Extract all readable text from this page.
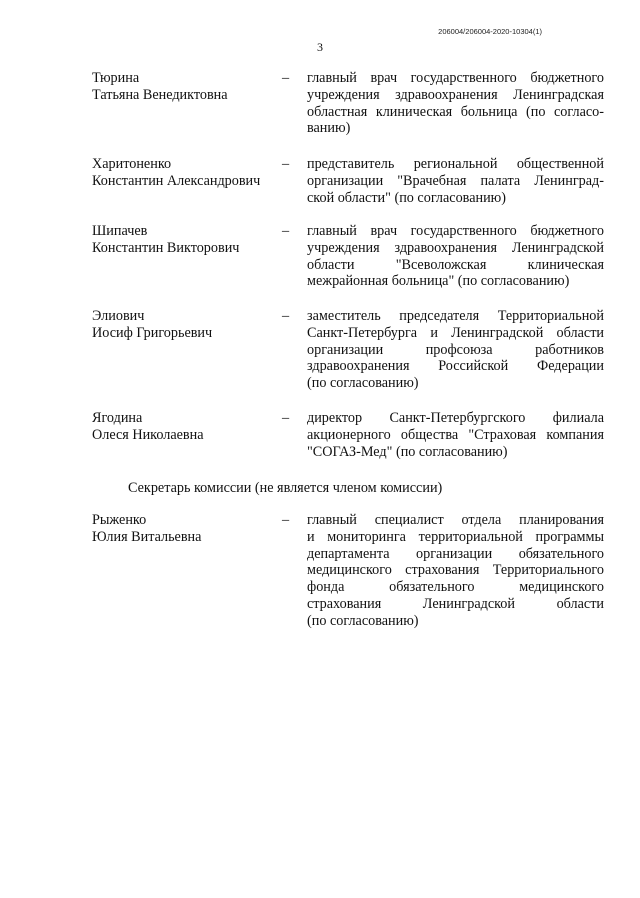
206004/206004-2020-10304(1)
3
Тюрина
Татьяна Венедиктовна
– главный врач государственного бюджетного
учреждения здравоохранения Ленинградская
областная клиническая больница (по согласо-
ванию)
Харитоненко
Константин Александрович
– представитель региональной общественной
организации "Врачебная палата Ленинград-
ской области" (по согласованию)
Шипачев
Константин Викторович
– главный врач государственного бюджетного
учреждения здравоохранения Ленинградской
области "Всеволожская клиническая
межрайонная больница" (по согласованию)
Элиович
Иосиф Григорьевич
– заместитель председателя Территориальной
Санкт-Петербурга и Ленинградской области
организации профсоюза работников
здравоохранения Российской Федерации
(по согласованию)
Ягодина
Олеся Николаевна
– директор Санкт-Петербургского филиала
акционерного общества "Страховая компания
"СОГАЗ-Мед" (по согласованию)
Секретарь комиссии (не является членом комиссии)
Рыженко
Юлия Витальевна
– главный специалист отдела планирования
и мониторинга территориальной программы
департамента организации обязательного
медицинского страхования Территориального
фонда обязательного медицинского
страхования Ленинградской области
(по согласованию)
